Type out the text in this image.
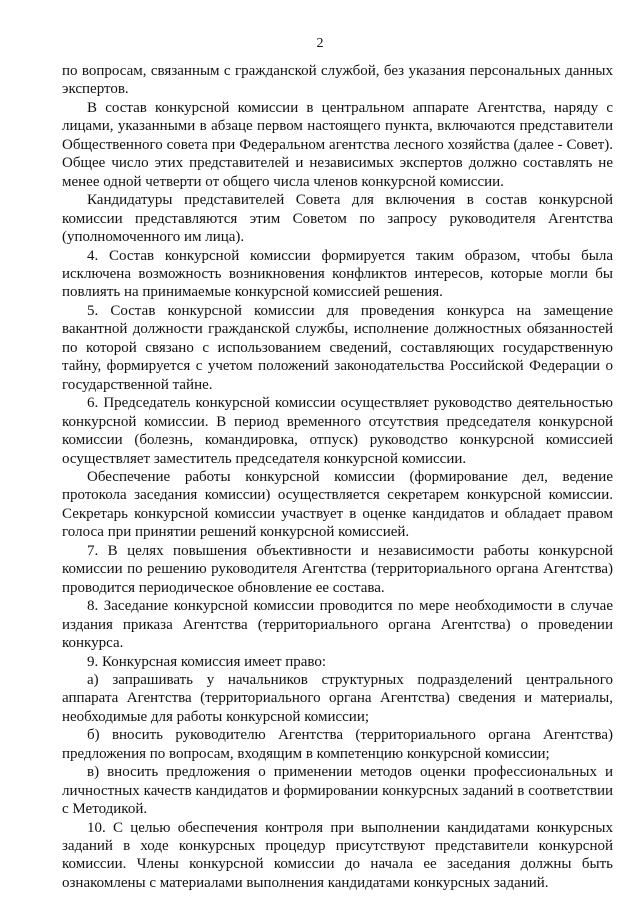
2

по вопросам, связанным с гражданской службой, без указания персональных данных экспертов.

В состав конкурсной комиссии в центральном аппарате Агентства, наряду с лицами, указанными в абзаце первом настоящего пункта, включаются представители Общественного совета при Федеральном агентства лесного хозяйства (далее - Совет). Общее число этих представителей и независимых экспертов должно составлять не менее одной четверти от общего числа членов конкурсной комиссии.

Кандидатуры представителей Совета для включения в состав конкурсной комиссии представляются этим Советом по запросу руководителя Агентства (уполномоченного им лица).

4. Состав конкурсной комиссии формируется таким образом, чтобы была исключена возможность возникновения конфликтов интересов, которые могли бы повлиять на принимаемые конкурсной комиссией решения.

5. Состав конкурсной комиссии для проведения конкурса на замещение вакантной должности гражданской службы, исполнение должностных обязанностей по которой связано с использованием сведений, составляющих государственную тайну, формируется с учетом положений законодательства Российской Федерации о государственной тайне.

6. Председатель конкурсной комиссии осуществляет руководство деятельностью конкурсной комиссии. В период временного отсутствия председателя конкурсной комиссии (болезнь, командировка, отпуск) руководство конкурсной комиссией осуществляет заместитель председателя конкурсной комиссии.

Обеспечение работы конкурсной комиссии (формирование дел, ведение протокола заседания комиссии) осуществляется секретарем конкурсной комиссии. Секретарь конкурсной комиссии участвует в оценке кандидатов и обладает правом голоса при принятии решений конкурсной комиссией.

7. В целях повышения объективности и независимости работы конкурсной комиссии по решению руководителя Агентства (территориального органа Агентства) проводится периодическое обновление ее состава.

8. Заседание конкурсной комиссии проводится по мере необходимости в случае издания приказа Агентства (территориального органа Агентства) о проведении конкурса.

9. Конкурсная комиссия имеет право:

а) запрашивать у начальников структурных подразделений центрального аппарата Агентства (территориального органа Агентства) сведения и материалы, необходимые для работы конкурсной комиссии;

б) вносить руководителю Агентства (территориального органа Агентства) предложения по вопросам, входящим в компетенцию конкурсной комиссии;

в) вносить предложения о применении методов оценки профессиональных и личностных качеств кандидатов и формировании конкурсных заданий в соответствии с Методикой.

10. С целью обеспечения контроля при выполнении кандидатами конкурсных заданий в ходе конкурсных процедур присутствуют представители конкурсной комиссии. Члены конкурсной комиссии до начала ее заседания должны быть ознакомлены с материалами выполнения кандидатами конкурсных заданий.
